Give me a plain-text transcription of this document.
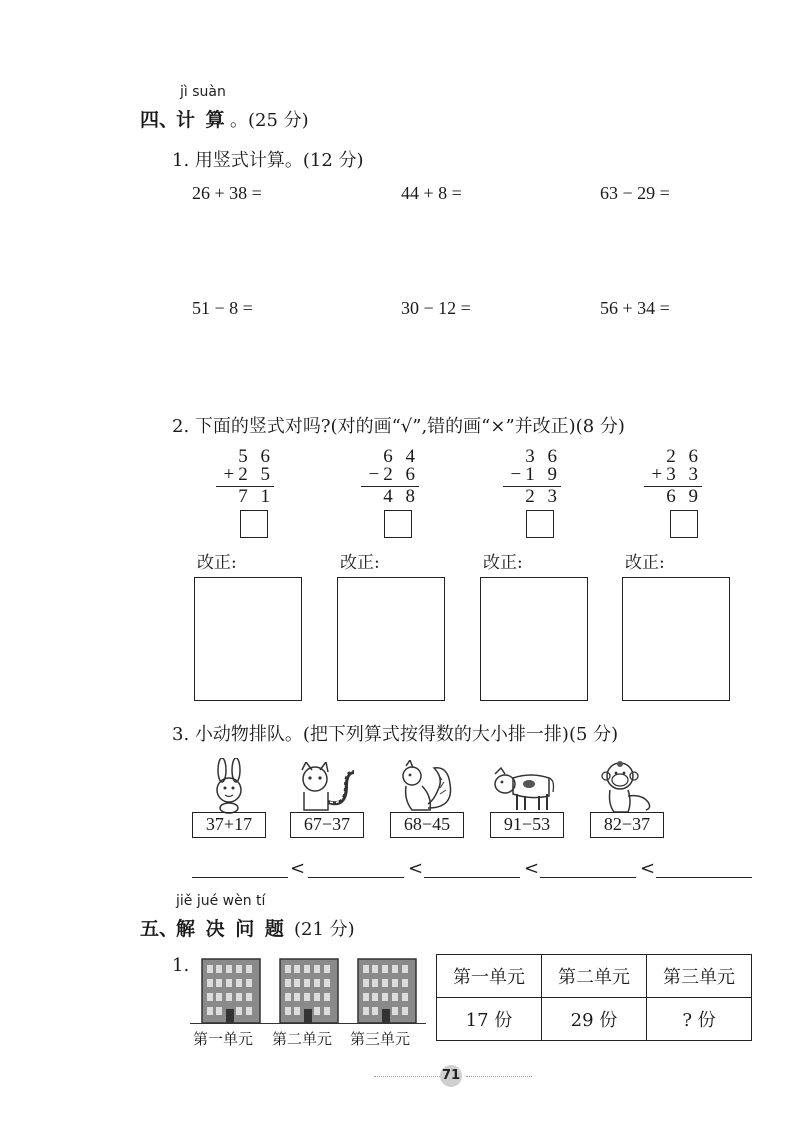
jì suàn
四、
计 算 。(25 分)
1. 用竖式计算。(12 分)
26 + 38 =	44 + 8 =	63 − 29 =
51 − 8 =	30 − 12 =	56 + 34 =
2. 下面的竖式对吗?(对的画“√”,错的画“×”并改正)(8 分)
5 6
+2 5
7 1
6 4
−2 6
4 8
3 6
−1 9
2 3
2 6
+3 3
6 9
改正:	改正:	改正:	改正:
3. 小动物排队。(把下列算式按得数的大小排一排)(5 分)
37+17	67−37	68−45	91−53	82−37
<	<	<	<
jiě jué wèn tí
五、
解 决 问 题
。(21 分)
1.
第一单元 第二单元 第三单元
第一单元	第二单元	第三单元
17 份	29 份	? 份
71
